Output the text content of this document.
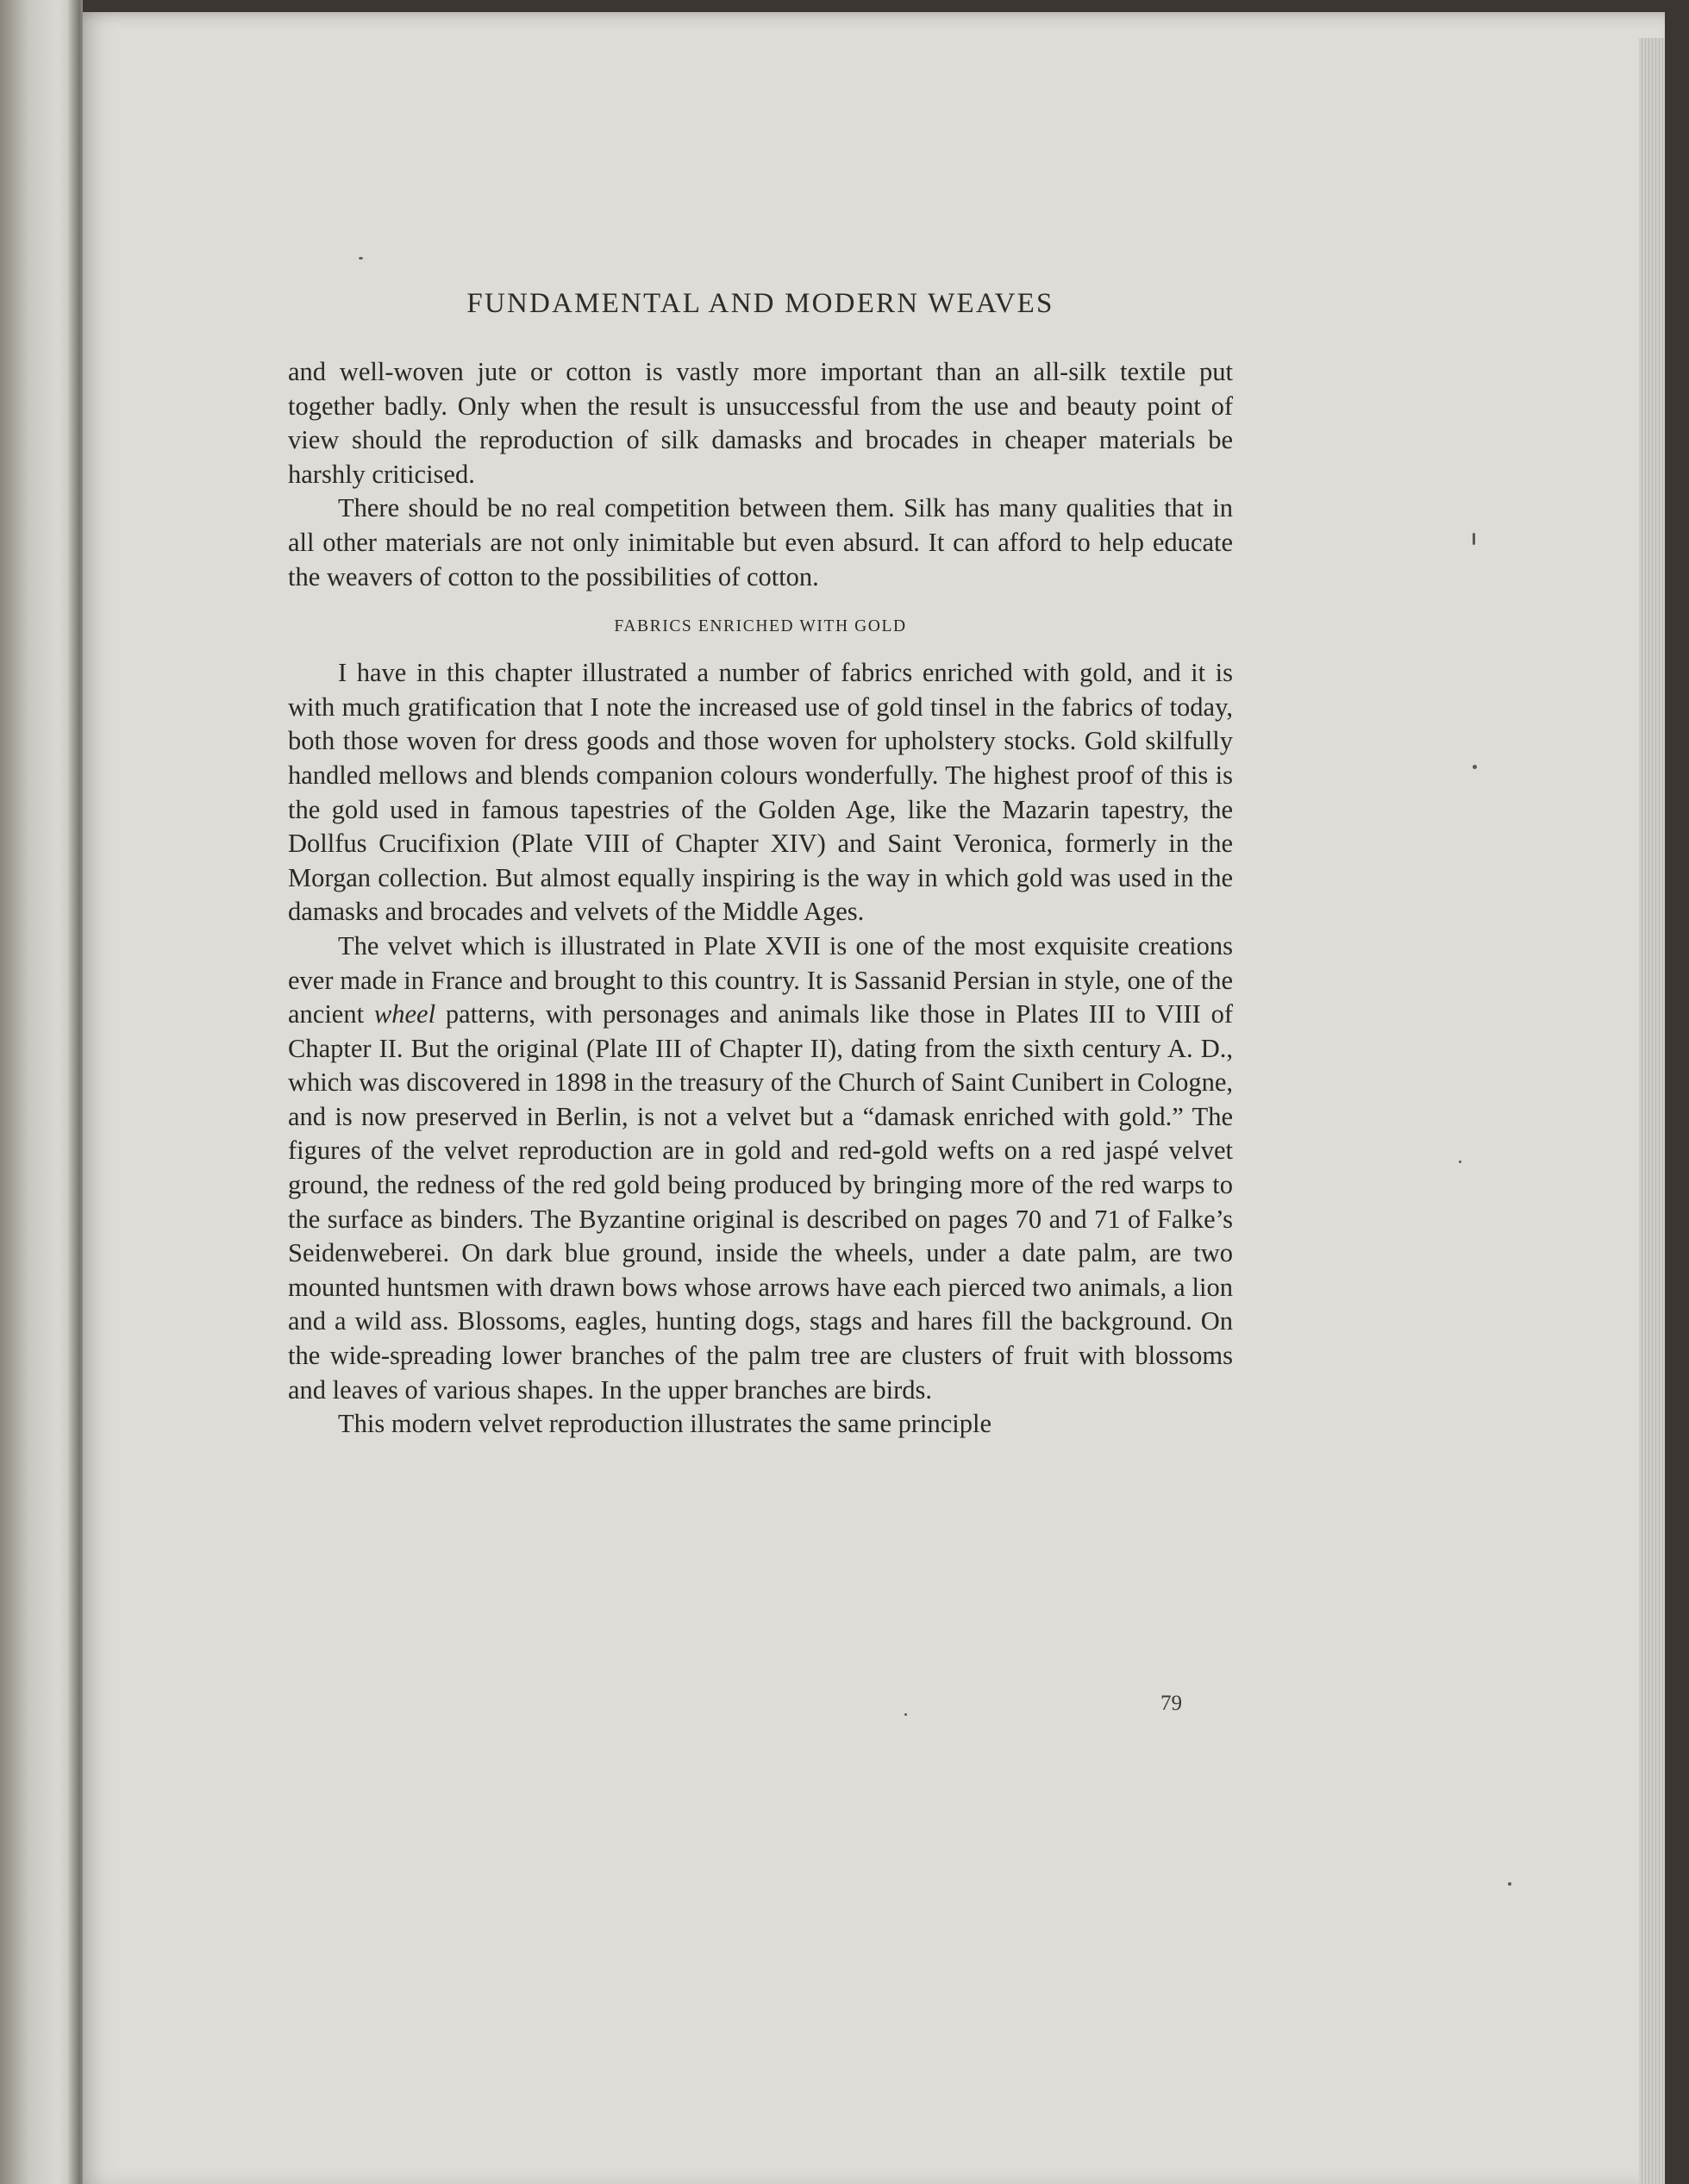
FUNDAMENTAL AND MODERN WEAVES

and well-woven jute or cotton is vastly more important than an all-silk textile put together badly. Only when the result is unsuccessful from the use and beauty point of view should the reproduction of silk damasks and brocades in cheaper materials be harshly criticised.

There should be no real competition between them. Silk has many qualities that in all other materials are not only inimitable but even absurd. It can afford to help educate the weavers of cotton to the possibilities of cotton.

FABRICS ENRICHED WITH GOLD

I have in this chapter illustrated a number of fabrics enriched with gold, and it is with much gratification that I note the increased use of gold tinsel in the fabrics of today, both those woven for dress goods and those woven for upholstery stocks. Gold skilfully handled mellows and blends companion colours wonderfully. The highest proof of this is the gold used in famous tapestries of the Golden Age, like the Mazarin tapestry, the Dollfus Crucifixion (Plate VIII of Chapter XIV) and Saint Veronica, formerly in the Morgan collection. But almost equally inspiring is the way in which gold was used in the damasks and brocades and velvets of the Middle Ages.

The velvet which is illustrated in Plate XVII is one of the most exquisite creations ever made in France and brought to this country. It is Sassanid Persian in style, one of the ancient wheel patterns, with personages and animals like those in Plates III to VIII of Chapter II. But the original (Plate III of Chapter II), dating from the sixth century A. D., which was discovered in 1898 in the treasury of the Church of Saint Cunibert in Cologne, and is now preserved in Berlin, is not a velvet but a “damask enriched with gold.” The figures of the velvet reproduction are in gold and red-gold wefts on a red jaspé velvet ground, the redness of the red gold being produced by bringing more of the red warps to the surface as binders. The Byzantine original is described on pages 70 and 71 of Falke’s Seidenweberei. On dark blue ground, inside the wheels, under a date palm, are two mounted huntsmen with drawn bows whose arrows have each pierced two animals, a lion and a wild ass. Blossoms, eagles, hunting dogs, stags and hares fill the background. On the wide-spreading lower branches of the palm tree are clusters of fruit with blossoms and leaves of various shapes. In the upper branches are birds.

This modern velvet reproduction illustrates the same principle

79
